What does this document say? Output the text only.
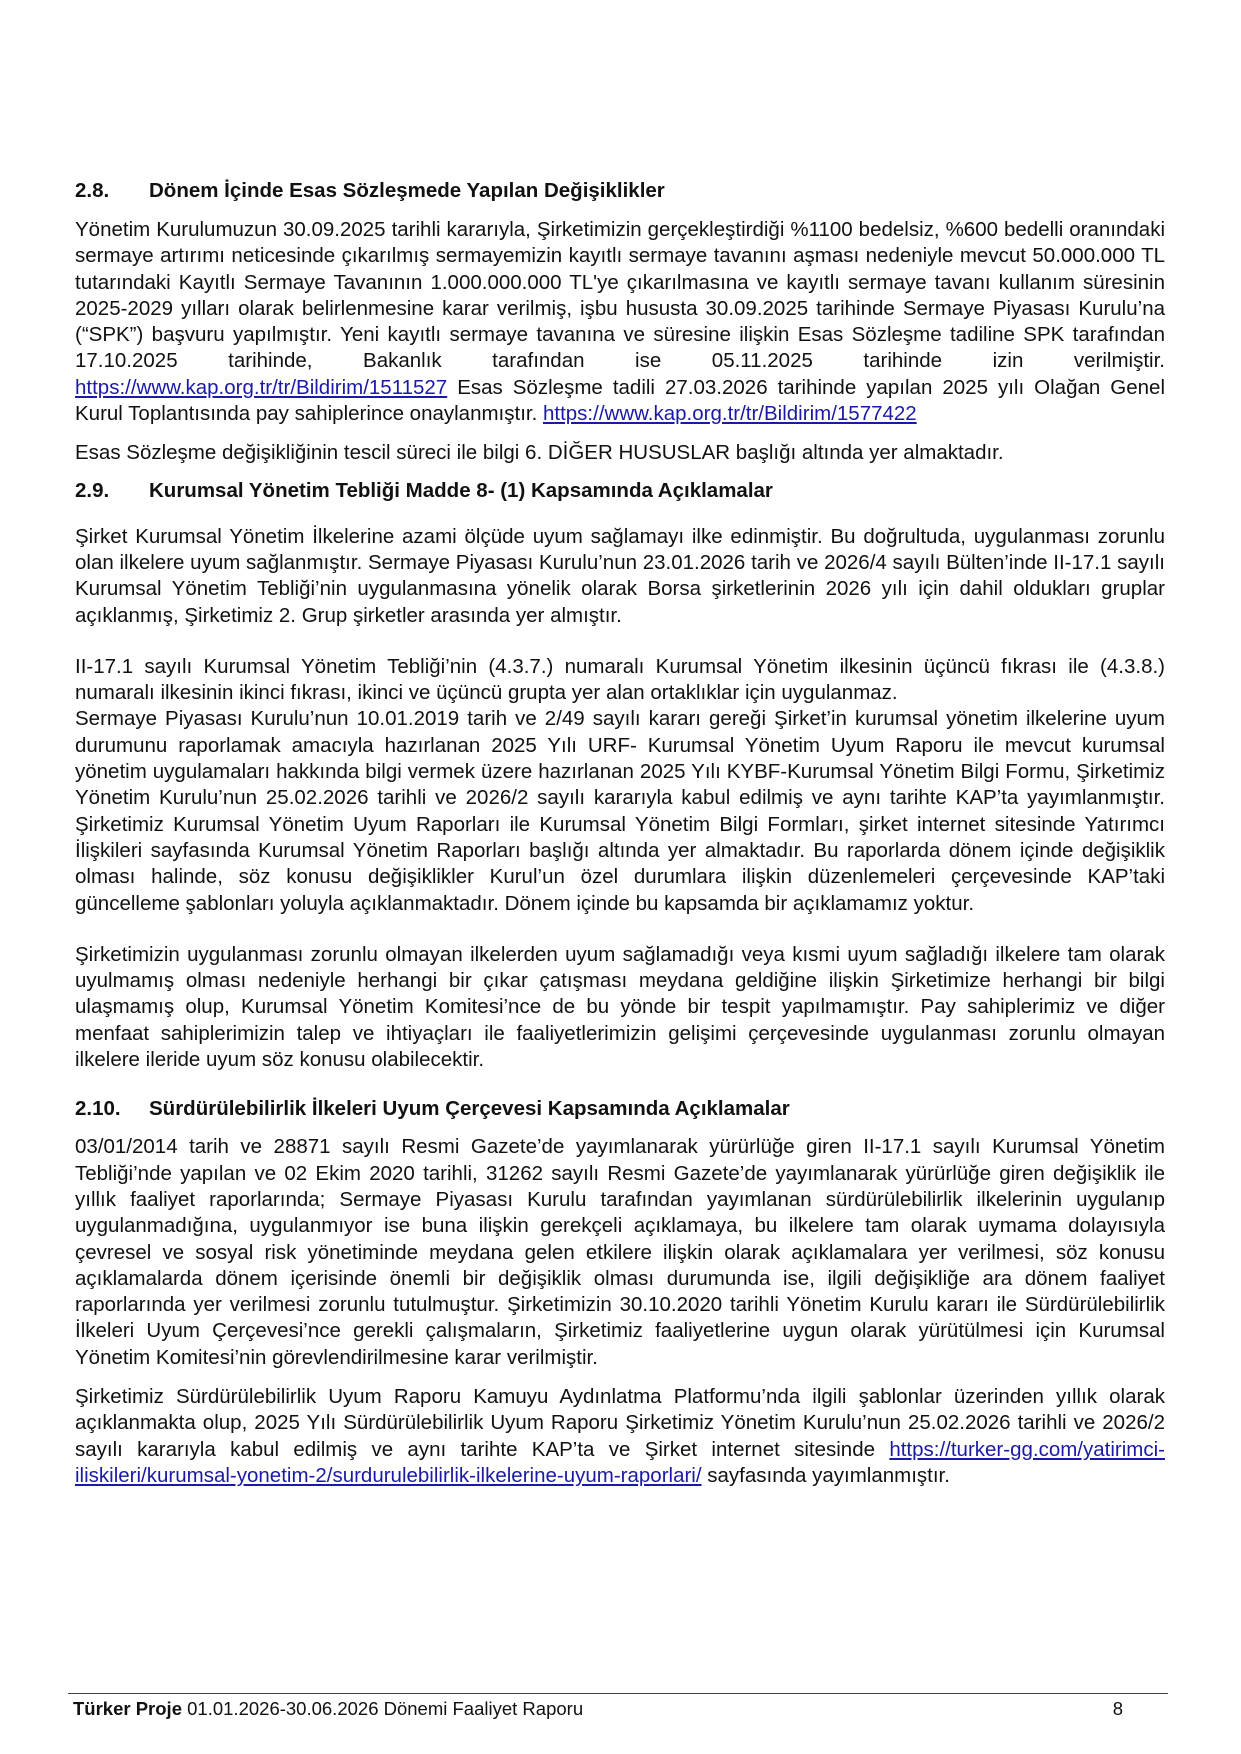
2.8. Dönem İçinde Esas Sözleşmede Yapılan Değişiklikler

Yönetim Kurulumuzun 30.09.2025 tarihli kararıyla, Şirketimizin gerçekleştirdiği %1100 bedelsiz, %600 bedelli oranındaki sermaye artırımı neticesinde çıkarılmış sermayemizin kayıtlı sermaye tavanını aşması nedeniyle mevcut 50.000.000 TL tutarındaki Kayıtlı Sermaye Tavanının 1.000.000.000 TL'ye çıkarılmasına ve kayıtlı sermaye tavanı kullanım süresinin 2025-2029 yılları olarak belirlenmesine karar verilmiş, işbu hususta 30.09.2025 tarihinde Sermaye Piyasası Kurulu’na (“SPK”) başvuru yapılmıştır. Yeni kayıtlı sermaye tavanına ve süresine ilişkin Esas Sözleşme tadiline SPK tarafından 17.10.2025 tarihinde, Bakanlık tarafından ise 05.11.2025 tarihinde izin verilmiştir. https://www.kap.org.tr/tr/Bildirim/1511527 Esas Sözleşme tadili 27.03.2026 tarihinde yapılan 2025 yılı Olağan Genel Kurul Toplantısında pay sahiplerince onaylanmıştır. https://www.kap.org.tr/tr/Bildirim/1577422

Esas Sözleşme değişikliğinin tescil süreci ile bilgi 6. DİĞER HUSUSLAR başlığı altında yer almaktadır.

2.9. Kurumsal Yönetim Tebliği Madde 8- (1) Kapsamında Açıklamalar

Şirket Kurumsal Yönetim İlkelerine azami ölçüde uyum sağlamayı ilke edinmiştir. Bu doğrultuda, uygulanması zorunlu olan ilkelere uyum sağlanmıştır. Sermaye Piyasası Kurulu’nun 23.01.2026 tarih ve 2026/4 sayılı Bülten’inde II-17.1 sayılı Kurumsal Yönetim Tebliği’nin uygulanmasına yönelik olarak Borsa şirketlerinin 2026 yılı için dahil oldukları gruplar açıklanmış, Şirketimiz 2. Grup şirketler arasında yer almıştır.

II-17.1 sayılı Kurumsal Yönetim Tebliği’nin (4.3.7.) numaralı Kurumsal Yönetim ilkesinin üçüncü fıkrası ile (4.3.8.) numaralı ilkesinin ikinci fıkrası, ikinci ve üçüncü grupta yer alan ortaklıklar için uygulanmaz.

Sermaye Piyasası Kurulu’nun 10.01.2019 tarih ve 2/49 sayılı kararı gereği Şirket’in kurumsal yönetim ilkelerine uyum durumunu raporlamak amacıyla hazırlanan 2025 Yılı URF- Kurumsal Yönetim Uyum Raporu ile mevcut kurumsal yönetim uygulamaları hakkında bilgi vermek üzere hazırlanan 2025 Yılı KYBF-Kurumsal Yönetim Bilgi Formu, Şirketimiz Yönetim Kurulu’nun 25.02.2026 tarihli ve 2026/2 sayılı kararıyla kabul edilmiş ve aynı tarihte KAP’ta yayımlanmıştır. Şirketimiz Kurumsal Yönetim Uyum Raporları ile Kurumsal Yönetim Bilgi Formları, şirket internet sitesinde Yatırımcı İlişkileri sayfasında Kurumsal Yönetim Raporları başlığı altında yer almaktadır. Bu raporlarda dönem içinde değişiklik olması halinde, söz konusu değişiklikler Kurul’un özel durumlara ilişkin düzenlemeleri çerçevesinde KAP’taki güncelleme şablonları yoluyla açıklanmaktadır. Dönem içinde bu kapsamda bir açıklamamız yoktur.

Şirketimizin uygulanması zorunlu olmayan ilkelerden uyum sağlamadığı veya kısmi uyum sağladığı ilkelere tam olarak uyulmamış olması nedeniyle herhangi bir çıkar çatışması meydana geldiğine ilişkin Şirketimize herhangi bir bilgi ulaşmamış olup, Kurumsal Yönetim Komitesi’nce de bu yönde bir tespit yapılmamıştır. Pay sahiplerimiz ve diğer menfaat sahiplerimizin talep ve ihtiyaçları ile faaliyetlerimizin gelişimi çerçevesinde uygulanması zorunlu olmayan ilkelere ileride uyum söz konusu olabilecektir.

2.10. Sürdürülebilirlik İlkeleri Uyum Çerçevesi Kapsamında Açıklamalar

03/01/2014 tarih ve 28871 sayılı Resmi Gazete’de yayımlanarak yürürlüğe giren II-17.1 sayılı Kurumsal Yönetim Tebliği’nde yapılan ve 02 Ekim 2020 tarihli, 31262 sayılı Resmi Gazete’de yayımlanarak yürürlüğe giren değişiklik ile yıllık faaliyet raporlarında; Sermaye Piyasası Kurulu tarafından yayımlanan sürdürülebilirlik ilkelerinin uygulanıp uygulanmadığına, uygulanmıyor ise buna ilişkin gerekçeli açıklamaya, bu ilkelere tam olarak uymama dolayısıyla çevresel ve sosyal risk yönetiminde meydana gelen etkilere ilişkin olarak açıklamalara yer verilmesi, söz konusu açıklamalarda dönem içerisinde önemli bir değişiklik olması durumunda ise, ilgili değişikliğe ara dönem faaliyet raporlarında yer verilmesi zorunlu tutulmuştur. Şirketimizin 30.10.2020 tarihli Yönetim Kurulu kararı ile Sürdürülebilirlik İlkeleri Uyum Çerçevesi’nce gerekli çalışmaların, Şirketimiz faaliyetlerine uygun olarak yürütülmesi için Kurumsal Yönetim Komitesi’nin görevlendirilmesine karar verilmiştir.

Şirketimiz Sürdürülebilirlik Uyum Raporu Kamuyu Aydınlatma Platformu’nda ilgili şablonlar üzerinden yıllık olarak açıklanmakta olup, 2025 Yılı Sürdürülebilirlik Uyum Raporu Şirketimiz Yönetim Kurulu’nun 25.02.2026 tarihli ve 2026/2 sayılı kararıyla kabul edilmiş ve aynı tarihte KAP’ta ve Şirket internet sitesinde https://turker-gg.com/yatirimci-iliskileri/kurumsal-yonetim-2/surdurulebilirlik-ilkelerine-uyum-raporlari/ sayfasında yayımlanmıştır.

Türker Proje 01.01.2026-30.06.2026 Dönemi Faaliyet Raporu	8
